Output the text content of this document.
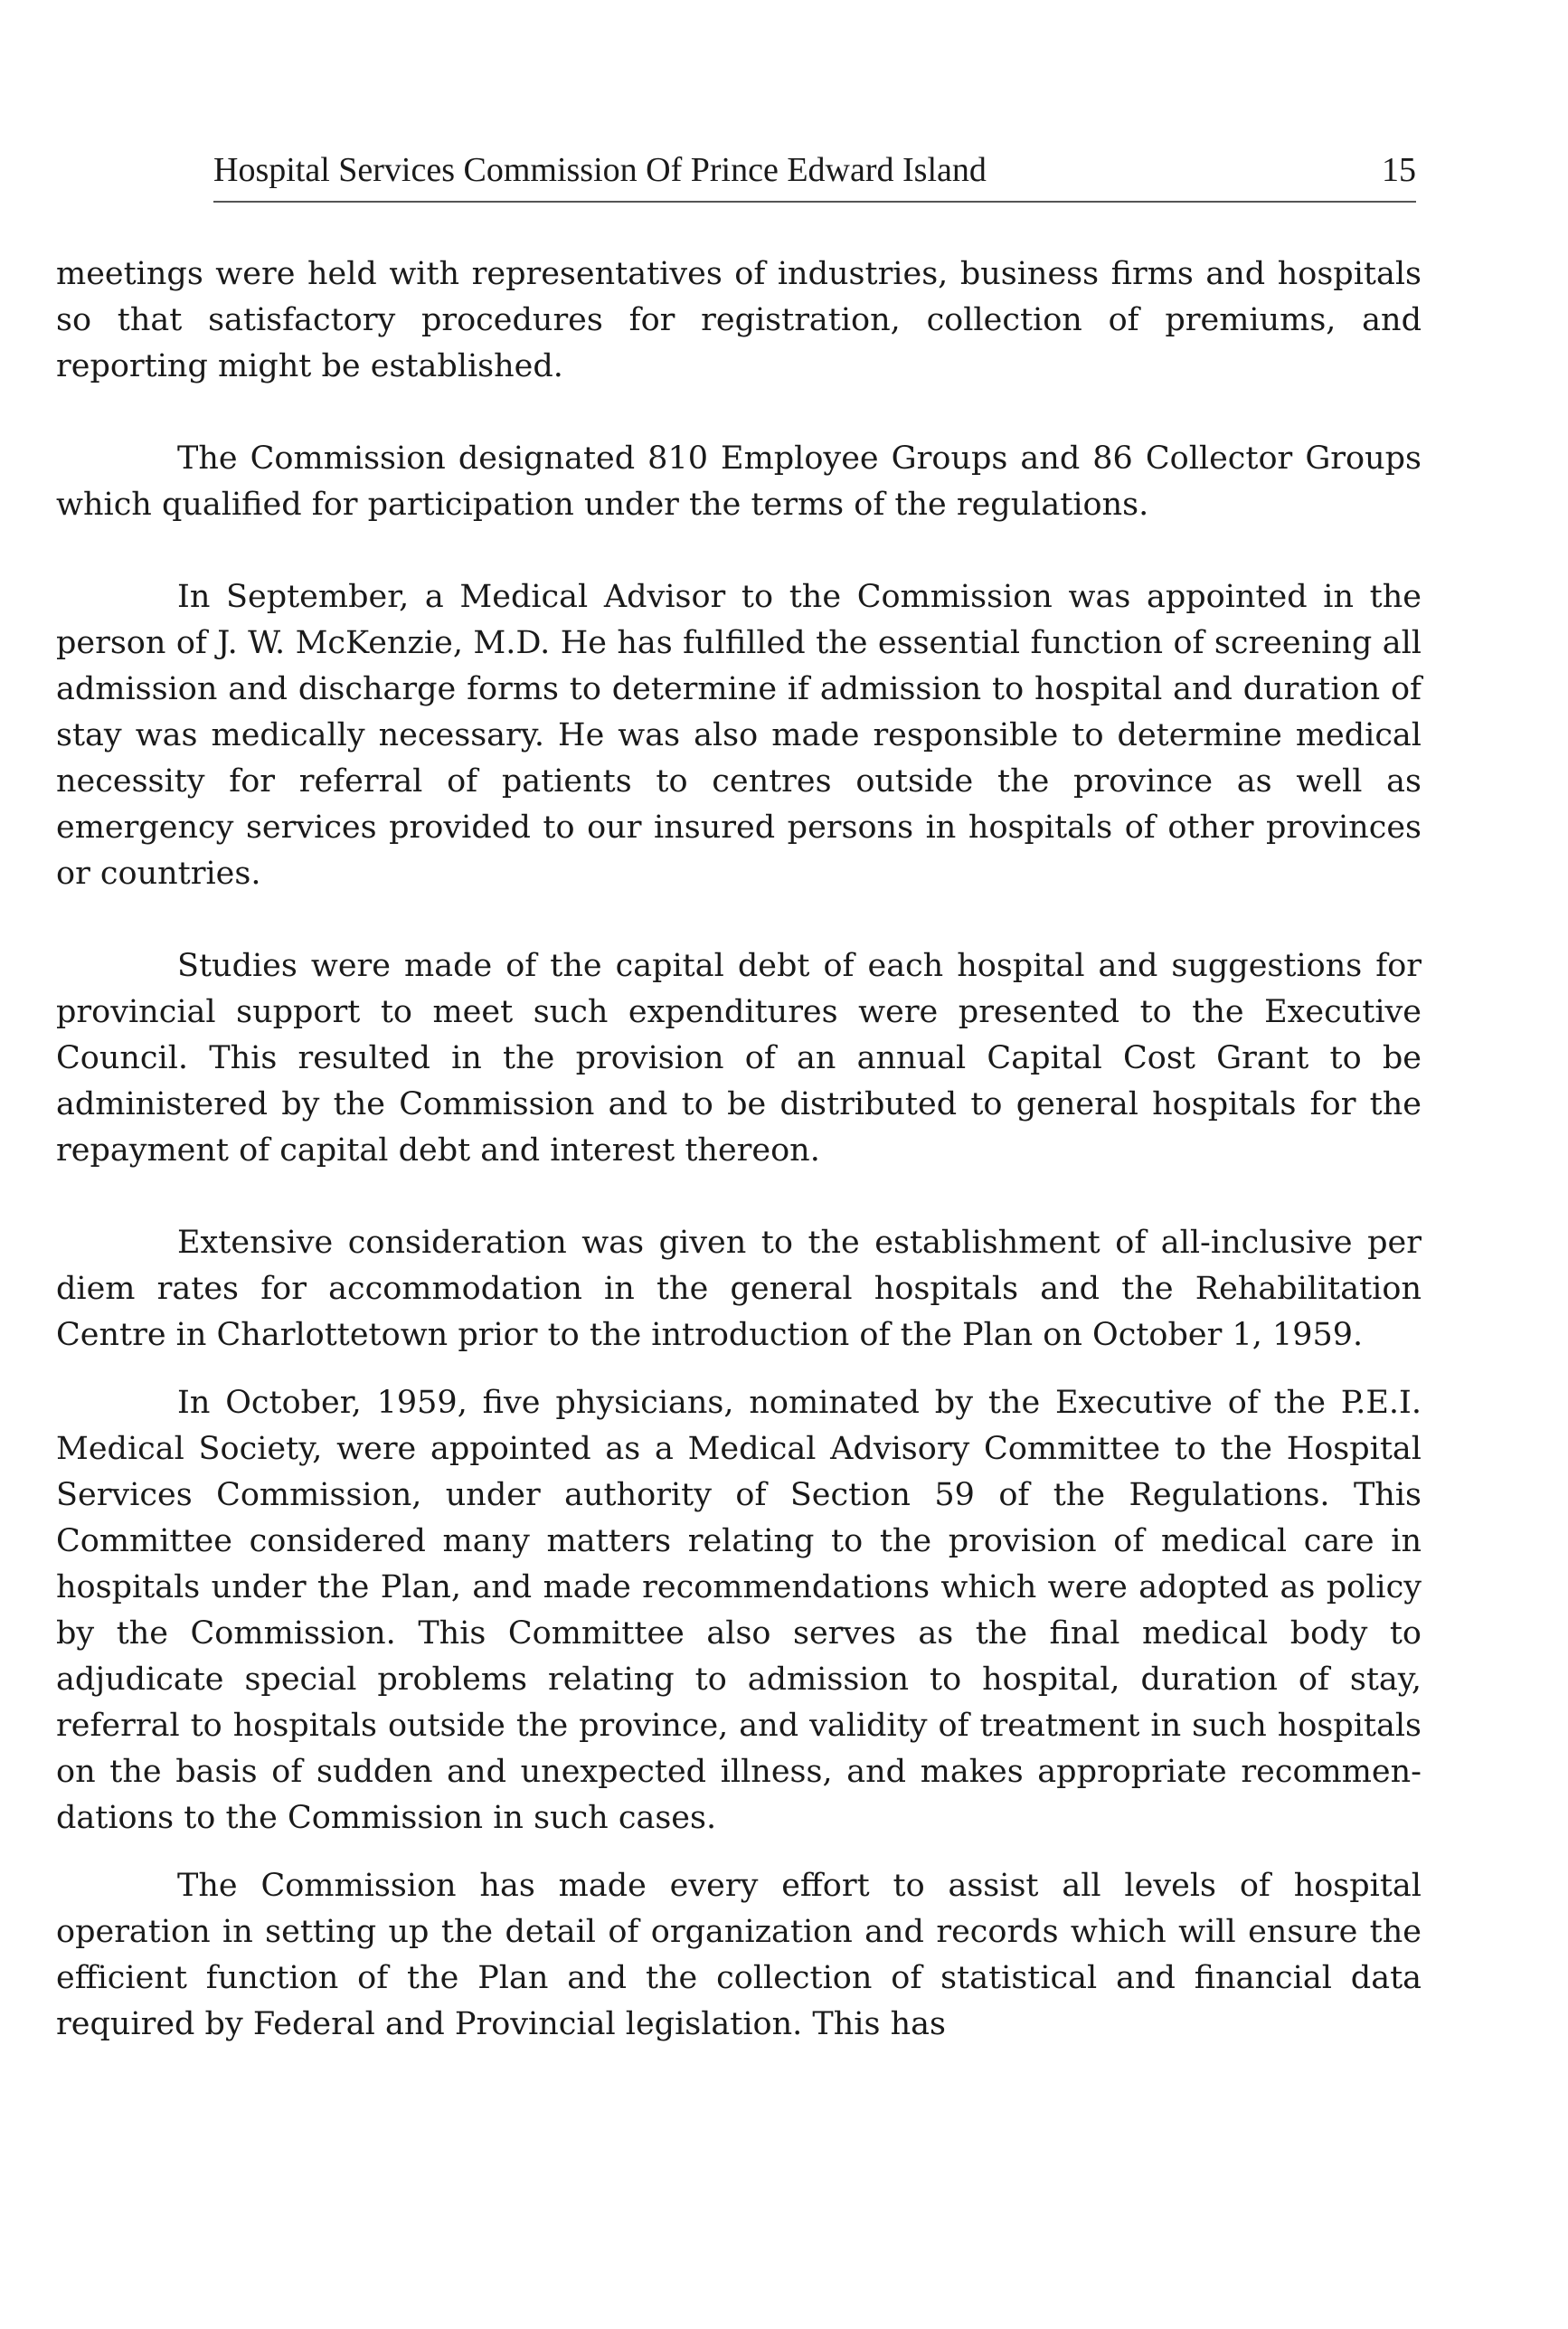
Hospital Services Commission Of Prince Edward Island	15

meetings were held with representatives of industries, business firms and hospitals so that satisfactory procedures for registration, collection of premiums, and reporting might be established.

The Commission designated 810 Employee Groups and 86 Collector Groups which qualified for participation under the terms of the regulations.

In September, a Medical Advisor to the Commission was appointed in the person of J. W. McKenzie, M.D. He has fulfilled the essential function of screening all admission and discharge forms to determine if admission to hospital and duration of stay was medically necessary. He was also made responsible to determine medical necessity for referral of patients to centres outside the province as well as emergency services provided to our insured persons in hospitals of other provinces or countries.

Studies were made of the capital debt of each hospital and suggestions for provincial support to meet such expenditures were presented to the Executive Council. This resulted in the provision of an annual Capital Cost Grant to be administered by the Commission and to be distributed to general hospitals for the repayment of capital debt and interest thereon.

Extensive consideration was given to the establishment of all-inclusive per diem rates for accommodation in the general hospitals and the Rehabilitation Centre in Charlottetown prior to the introduction of the Plan on October 1, 1959.

In October, 1959, five physicians, nominated by the Executive of the P.E.I. Medical Society, were appointed as a Medical Advisory Committee to the Hospital Services Commission, under authority of Section 59 of the Regulations. This Committee considered many matters relating to the provision of medical care in hospitals under the Plan, and made recommendations which were adopted as policy by the Commission. This Committee also serves as the final medical body to adjudicate special problems relating to admission to hospital, duration of stay, referral to hospitals outside the province, and validity of treatment in such hospitals on the basis of sudden and unexpected illness, and makes appropriate recommendations to the Commission in such cases.

The Commission has made every effort to assist all levels of hospital operation in setting up the detail of organization and records which will ensure the efficient function of the Plan and the collection of statistical and financial data required by Federal and Provincial legislation. This has
